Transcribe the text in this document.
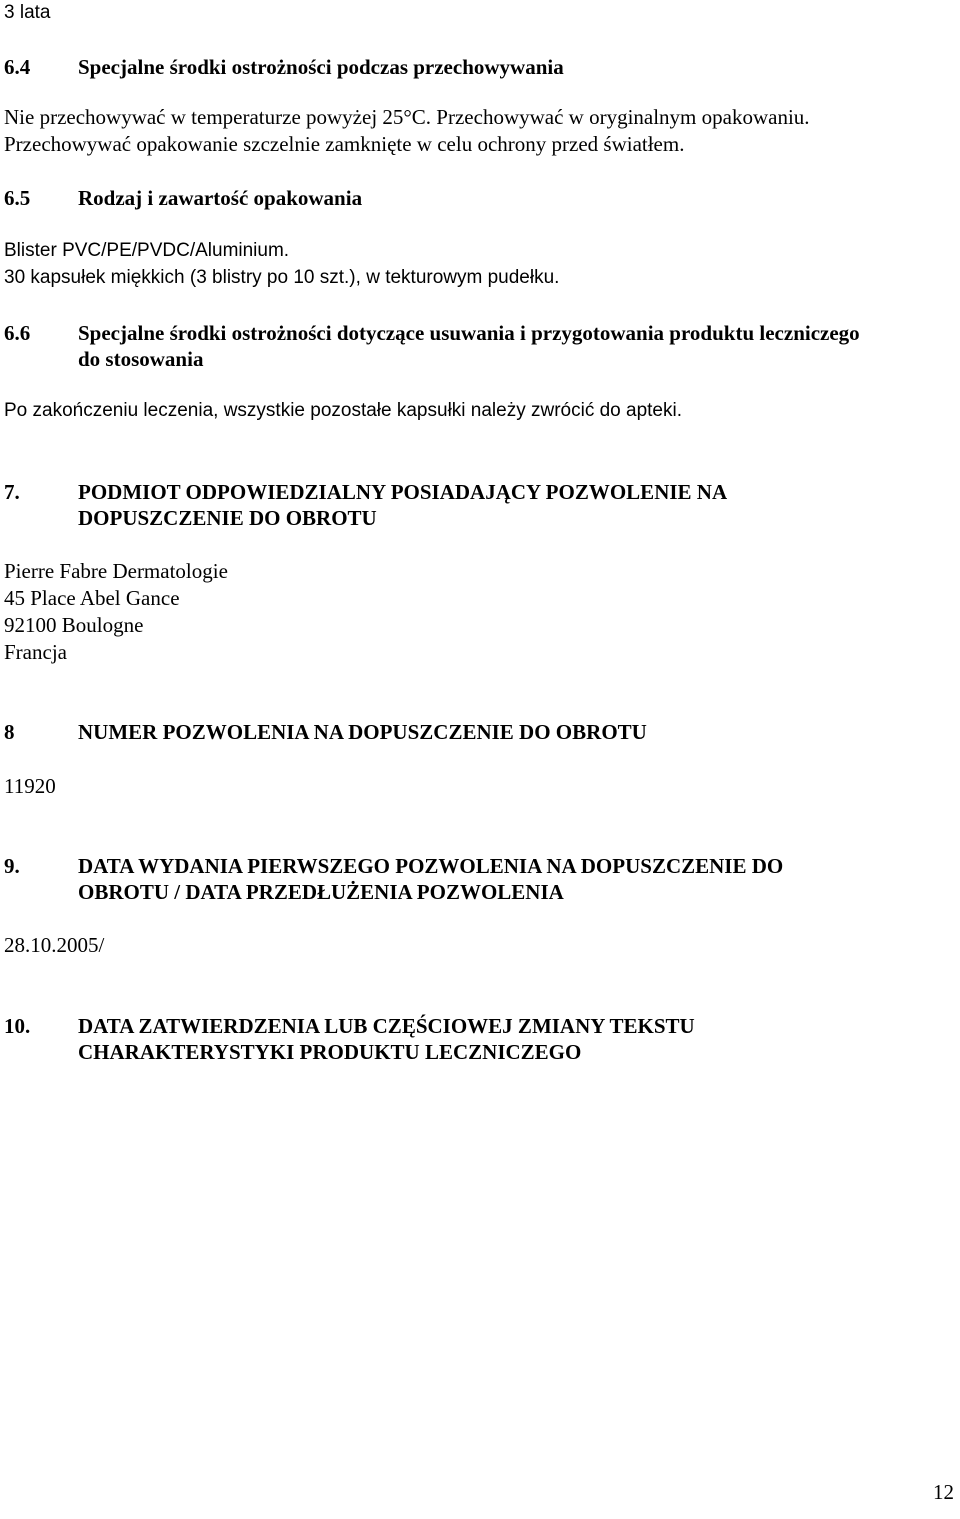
3 lata
6.4 Specjalne środki ostrożności podczas przechowywania
Nie przechowywać w temperaturze powyżej 25°C. Przechowywać w oryginalnym opakowaniu.
Przechowywać opakowanie szczelnie zamknięte w celu ochrony przed światłem.
6.5 Rodzaj i zawartość opakowania
Blister PVC/PE/PVDC/Aluminium.
30 kapsułek miękkich (3 blistry po 10 szt.), w tekturowym pudełku.
6.6 Specjalne środki ostrożności dotyczące usuwania i przygotowania produktu leczniczego
do stosowania
Po zakończeniu leczenia, wszystkie pozostałe kapsułki należy zwrócić do apteki.
7.	PODMIOT ODPOWIEDZIALNY POSIADAJĄCY POZWOLENIE NA
DOPUSZCZENIE DO OBROTU
Pierre Fabre Dermatologie
45 Place Abel Gance
92100 Boulogne
Francja
8	NUMER POZWOLENIA NA DOPUSZCZENIE DO OBROTU
11920
9.	DATA WYDANIA PIERWSZEGO POZWOLENIA NA DOPUSZCZENIE DO
OBROTU / DATA PRZEDŁUŻENIA POZWOLENIA
28.10.2005/
10. DATA ZATWIERDZENIA LUB CZĘŚCIOWEJ ZMIANY TEKSTU
CHARAKTERYSTYKI PRODUKTU LECZNICZEGO
12
